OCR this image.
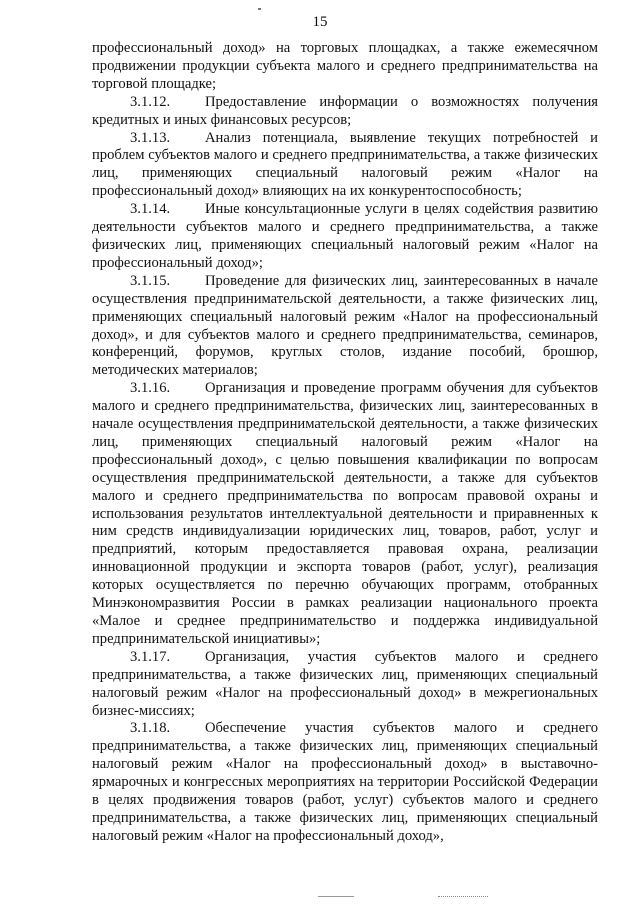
15

профессиональный доход» на торговых площадках, а также ежемесячном продвижении продукции субъекта малого и среднего предпринимательства на торговой площадке;

3.1.12. Предоставление информации о возможностях получения кредитных и иных финансовых ресурсов;

3.1.13. Анализ потенциала, выявление текущих потребностей и проблем субъектов малого и среднего предпринимательства, а также физических лиц, применяющих специальный налоговый режим «Налог на профессиональный доход» влияющих на их конкурентоспособность;

3.1.14. Иные консультационные услуги в целях содействия развитию деятельности субъектов малого и среднего предпринимательства, а также физических лиц, применяющих специальный налоговый режим «Налог на профессиональный доход»;

3.1.15. Проведение для физических лиц, заинтересованных в начале осуществления предпринимательской деятельности, а также физических лиц, применяющих специальный налоговый режим «Налог на профессиональный доход», и для субъектов малого и среднего предпринимательства, семинаров, конференций, форумов, круглых столов, издание пособий, брошюр, методических материалов;

3.1.16. Организация и проведение программ обучения для субъектов малого и среднего предпринимательства, физических лиц, заинтересованных в начале осуществления предпринимательской деятельности, а также физических лиц, применяющих специальный налоговый режим «Налог на профессиональный доход», с целью повышения квалификации по вопросам осуществления предпринимательской деятельности, а также для субъектов малого и среднего предпринимательства по вопросам правовой охраны и использования результатов интеллектуальной деятельности и приравненных к ним средств индивидуализации юридических лиц, товаров, работ, услуг и предприятий, которым предоставляется правовая охрана, реализации инновационной продукции и экспорта товаров (работ, услуг), реализация которых осуществляется по перечню обучающих программ, отобранных Минэкономразвития России в рамках реализации национального проекта «Малое и среднее предпринимательство и поддержка индивидуальной предпринимательской инициативы»;

3.1.17. Организация, участия субъектов малого и среднего предпринимательства, а также физических лиц, применяющих специальный налоговый режим «Налог на профессиональный доход» в межрегиональных бизнес-миссиях;

3.1.18. Обеспечение участия субъектов малого и среднего предпринимательства, а также физических лиц, применяющих специальный налоговый режим «Налог на профессиональный доход» в выставочно-ярмарочных и конгрессных мероприятиях на территории Российской Федерации в целях продвижения товаров (работ, услуг) субъектов малого и среднего предпринимательства, а также физических лиц, применяющих специальный налоговый режим «Налог на профессиональный доход»,
